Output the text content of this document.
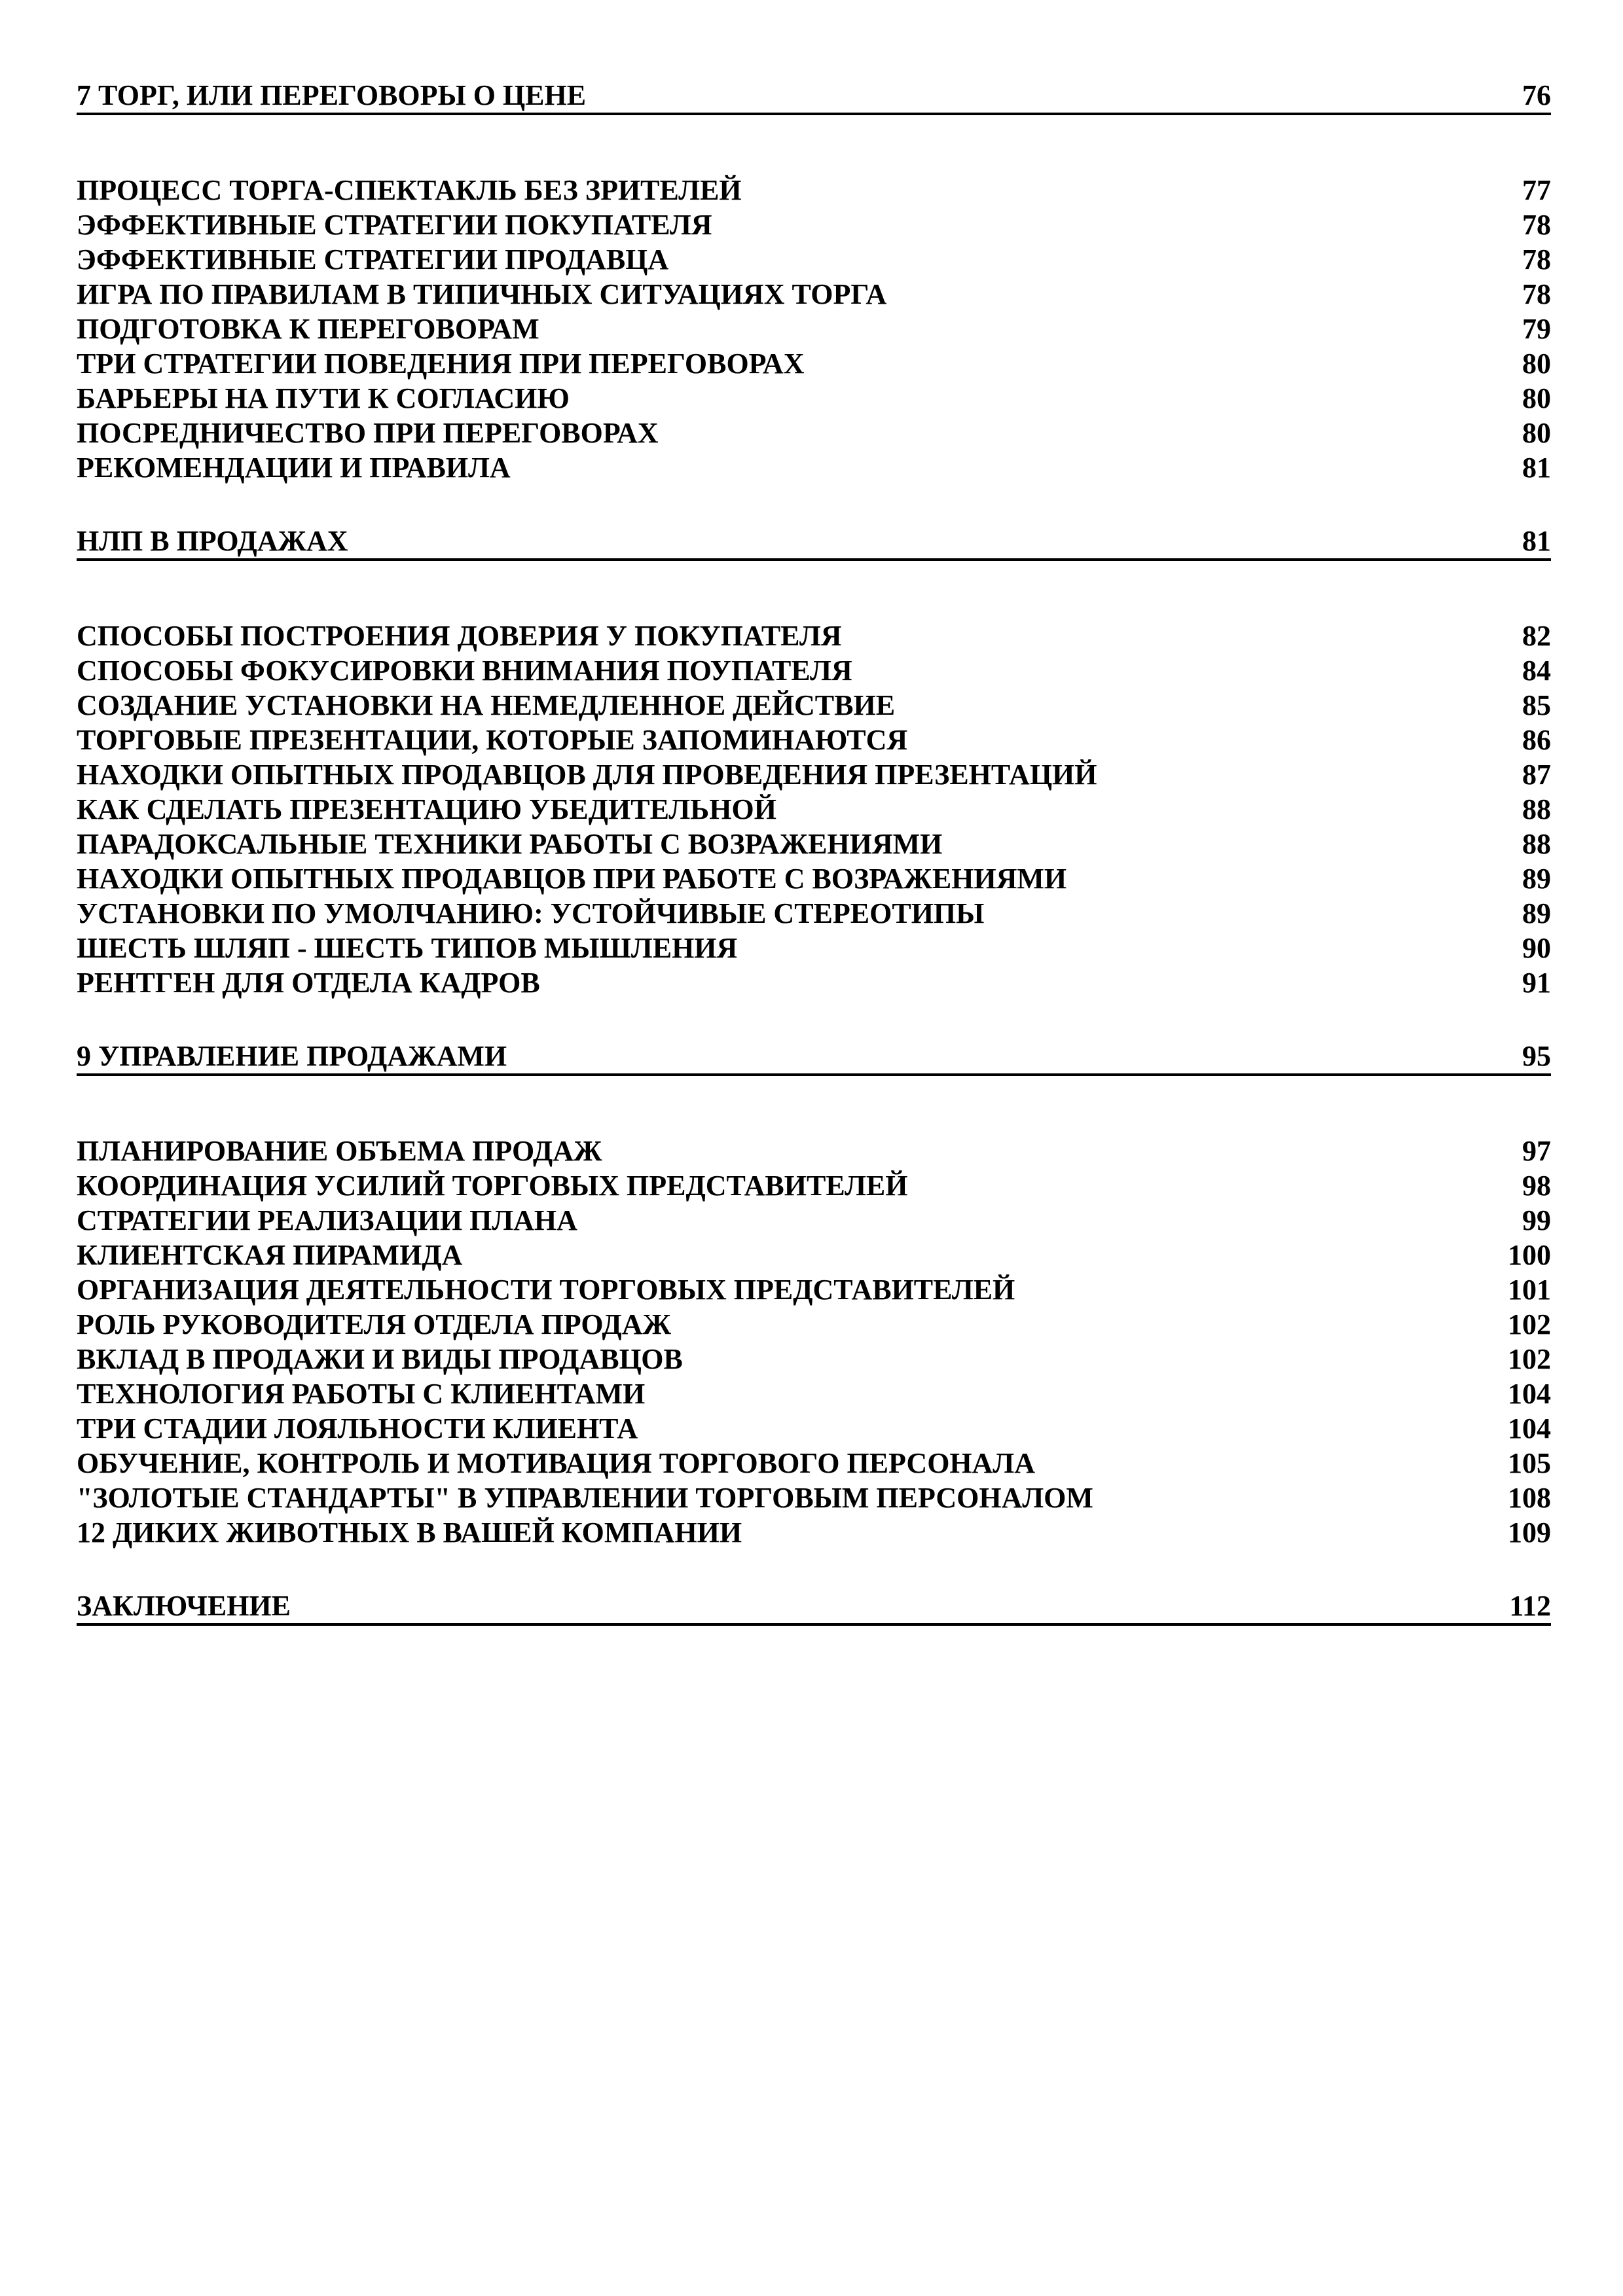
7 ТОРГ, ИЛИ ПЕРЕГОВОРЫ О ЦЕНЕ	76
ПРОЦЕСС ТОРГА-СПЕКТАКЛЬ БЕЗ ЗРИТЕЛЕЙ	77
ЭФФЕКТИВНЫЕ СТРАТЕГИИ ПОКУПАТЕЛЯ	78
ЭФФЕКТИВНЫЕ СТРАТЕГИИ ПРОДАВЦА	78
ИГРА ПО ПРАВИЛАМ В ТИПИЧНЫХ СИТУАЦИЯХ ТОРГА	78
ПОДГОТОВКА К ПЕРЕГОВОРАМ	79
ТРИ СТРАТЕГИИ ПОВЕДЕНИЯ ПРИ ПЕРЕГОВОРАХ	80
БАРЬЕРЫ НА ПУТИ К СОГЛАСИЮ	80
ПОСРЕДНИЧЕСТВО ПРИ ПЕРЕГОВОРАХ	80
РЕКОМЕНДАЦИИ И ПРАВИЛА	81
НЛП В ПРОДАЖАХ	81
СПОСОБЫ ПОСТРОЕНИЯ ДОВЕРИЯ У ПОКУПАТЕЛЯ	82
СПОСОБЫ ФОКУСИРОВКИ ВНИМАНИЯ ПОУПАТЕЛЯ	84
СОЗДАНИЕ УСТАНОВКИ НА НЕМЕДЛЕННОЕ ДЕЙСТВИЕ	85
ТОРГОВЫЕ ПРЕЗЕНТАЦИИ, КОТОРЫЕ ЗАПОМИНАЮТСЯ	86
НАХОДКИ ОПЫТНЫХ ПРОДАВЦОВ ДЛЯ ПРОВЕДЕНИЯ ПРЕЗЕНТАЦИЙ	87
КАК СДЕЛАТЬ ПРЕЗЕНТАЦИЮ УБЕДИТЕЛЬНОЙ	88
ПАРАДОКСАЛЬНЫЕ ТЕХНИКИ РАБОТЫ С ВОЗРАЖЕНИЯМИ	88
НАХОДКИ ОПЫТНЫХ ПРОДАВЦОВ ПРИ РАБОТЕ С ВОЗРАЖЕНИЯМИ	89
УСТАНОВКИ ПО УМОЛЧАНИЮ: УСТОЙЧИВЫЕ СТЕРЕОТИПЫ	89
ШЕСТЬ ШЛЯП - ШЕСТЬ ТИПОВ МЫШЛЕНИЯ	90
РЕНТГЕН ДЛЯ ОТДЕЛА КАДРОВ	91
9 УПРАВЛЕНИЕ ПРОДАЖАМИ	95
ПЛАНИРОВАНИЕ ОБЪЕМА ПРОДАЖ	97
КООРДИНАЦИЯ УСИЛИЙ ТОРГОВЫХ ПРЕДСТАВИТЕЛЕЙ	98
СТРАТЕГИИ РЕАЛИЗАЦИИ ПЛАНА	99
КЛИЕНТСКАЯ ПИРАМИДА	100
ОРГАНИЗАЦИЯ ДЕЯТЕЛЬНОСТИ ТОРГОВЫХ ПРЕДСТАВИТЕЛЕЙ	101
РОЛЬ РУКОВОДИТЕЛЯ ОТДЕЛА ПРОДАЖ	102
ВКЛАД В ПРОДАЖИ И ВИДЫ ПРОДАВЦОВ	102
ТЕХНОЛОГИЯ РАБОТЫ С КЛИЕНТАМИ	104
ТРИ СТАДИИ ЛОЯЛЬНОСТИ КЛИЕНТА	104
ОБУЧЕНИЕ, КОНТРОЛЬ И МОТИВАЦИЯ ТОРГОВОГО ПЕРСОНАЛА	105
"ЗОЛОТЫЕ СТАНДАРТЫ" В УПРАВЛЕНИИ ТОРГОВЫМ ПЕРСОНАЛОМ	108
12 ДИКИХ ЖИВОТНЫХ В ВАШЕЙ КОМПАНИИ	109
ЗАКЛЮЧЕНИЕ	112
